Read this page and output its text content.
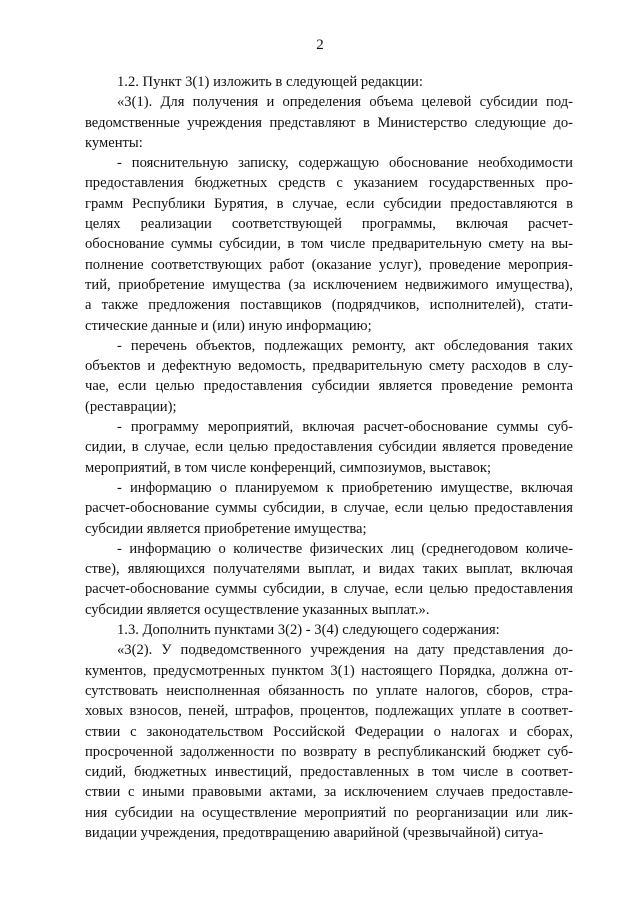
2

1.2. Пункт 3(1) изложить в следующей редакции:

«3(1). Для получения и определения объема целевой субсидии под-
ведомственные учреждения представляют в Министерство следующие до-
кументы:

- пояснительную записку, содержащую обоснование необходимости
предоставления бюджетных средств с указанием государственных про-
грамм Республики Бурятия, в случае, если субсидии предоставляются в
целях реализации соответствующей программы, включая расчет-
обоснование суммы субсидии, в том числе предварительную смету на вы-
полнение соответствующих работ (оказание услуг), проведение мероприя-
тий, приобретение имущества (за исключением недвижимого имущества),
а также предложения поставщиков (подрядчиков, исполнителей), стати-
стические данные и (или) иную информацию;

- перечень объектов, подлежащих ремонту, акт обследования таких
объектов и дефектную ведомость, предварительную смету расходов в слу-
чае, если целью предоставления субсидии является проведение ремонта
(реставрации);

- программу мероприятий, включая расчет-обоснование суммы суб-
сидии, в случае, если целью предоставления субсидии является проведение
мероприятий, в том числе конференций, симпозиумов, выставок;

- информацию о планируемом к приобретению имуществе, включая
расчет-обоснование суммы субсидии, в случае, если целью предоставления
субсидии является приобретение имущества;

- информацию о количестве физических лиц (среднегодовом количе-
стве), являющихся получателями выплат, и видах таких выплат, включая
расчет-обоснование суммы субсидии, в случае, если целью предоставления
субсидии является осуществление указанных выплат.».

1.3. Дополнить пунктами 3(2) - 3(4) следующего содержания:

«3(2). У подведомственного учреждения на дату представления до-
кументов, предусмотренных пунктом 3(1) настоящего Порядка, должна от-
сутствовать неисполненная обязанность по уплате налогов, сборов, стра-
ховых взносов, пеней, штрафов, процентов, подлежащих уплате в соответ-
ствии с законодательством Российской Федерации о налогах и сборах,
просроченной задолженности по возврату в республиканский бюджет суб-
сидий, бюджетных инвестиций, предоставленных в том числе в соответ-
ствии с иными правовыми актами, за исключением случаев предоставле-
ния субсидии на осуществление мероприятий по реорганизации или лик-
видации учреждения, предотвращению аварийной (чрезвычайной) ситуа-
